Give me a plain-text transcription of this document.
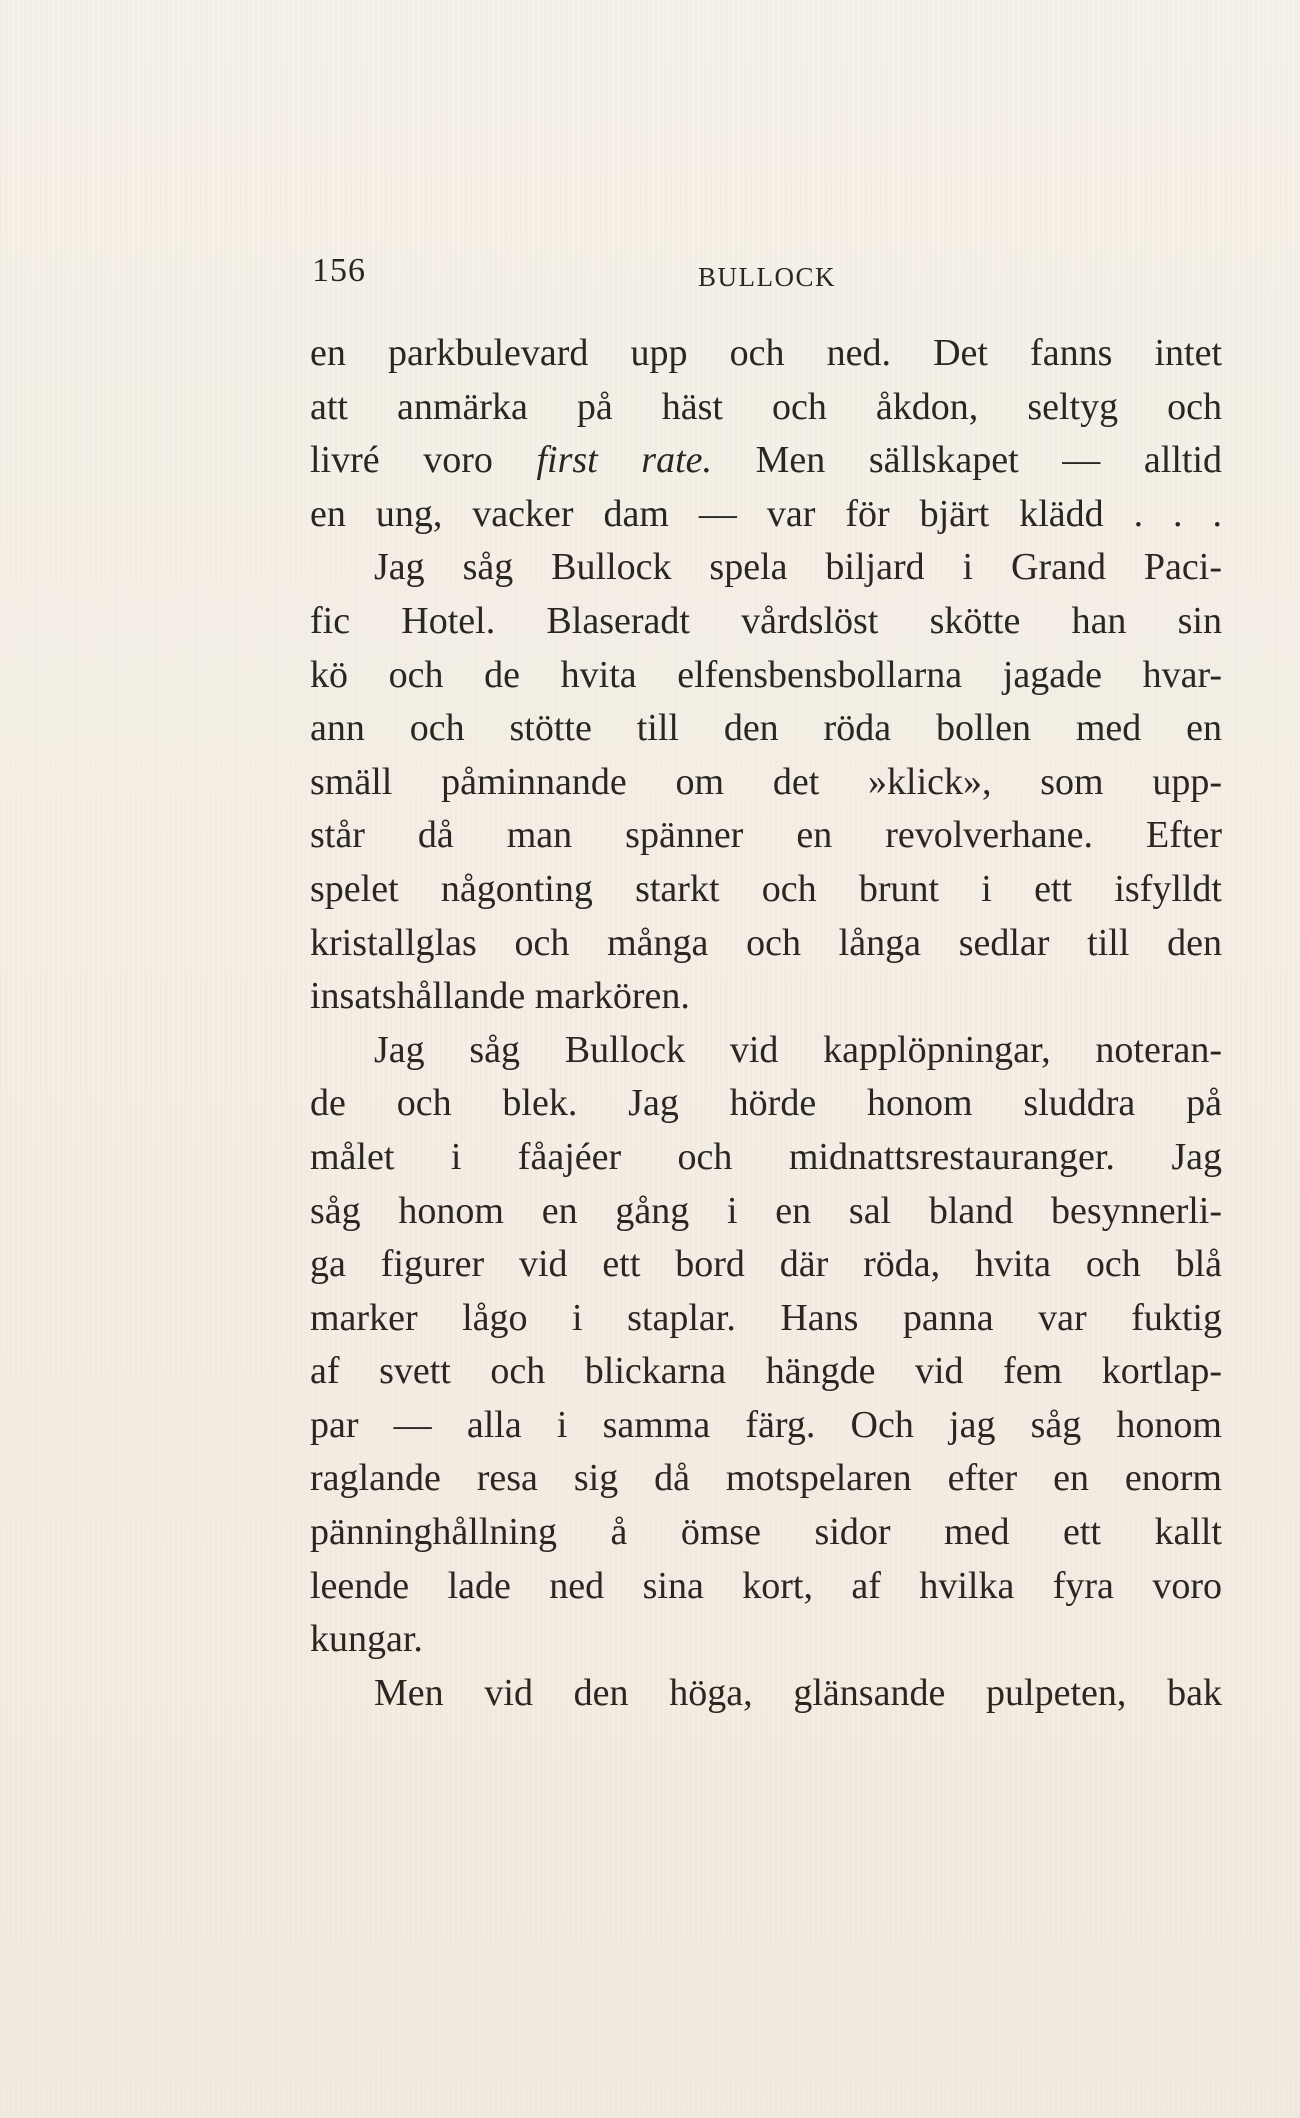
156	BULLOCK
en parkbulevard upp och ned. Det fanns intet
att anmärka på häst och åkdon, seltyg och
livré voro first rate. Men sällskapet — alltid
en ung, vacker dam — var för bjärt klädd . . .
Jag såg Bullock spela biljard i Grand Paci-
fic Hotel. Blaseradt vårdslöst skötte han sin
kö och de hvita elfensbensbollarna jagade hvar-
ann och stötte till den röda bollen med en
smäll påminnande om det »klick», som upp-
står då man spänner en revolverhane. Efter
spelet någonting starkt och brunt i ett isfylldt
kristallglas och många och långa sedlar till den
insatshållande markören.
Jag såg Bullock vid kapplöpningar, noteran-
de och blek. Jag hörde honom sluddra på
målet i fåajéer och midnattsrestauranger. Jag
såg honom en gång i en sal bland besynnerli-
ga figurer vid ett bord där röda, hvita och blå
marker lågo i staplar. Hans panna var fuktig
af svett och blickarna hängde vid fem kortlap-
par — alla i samma färg. Och jag såg honom
raglande resa sig då motspelaren efter en enorm
pänninghållning å ömse sidor med ett kallt
leende lade ned sina kort, af hvilka fyra voro
kungar.
Men vid den höga, glänsande pulpeten, bak
